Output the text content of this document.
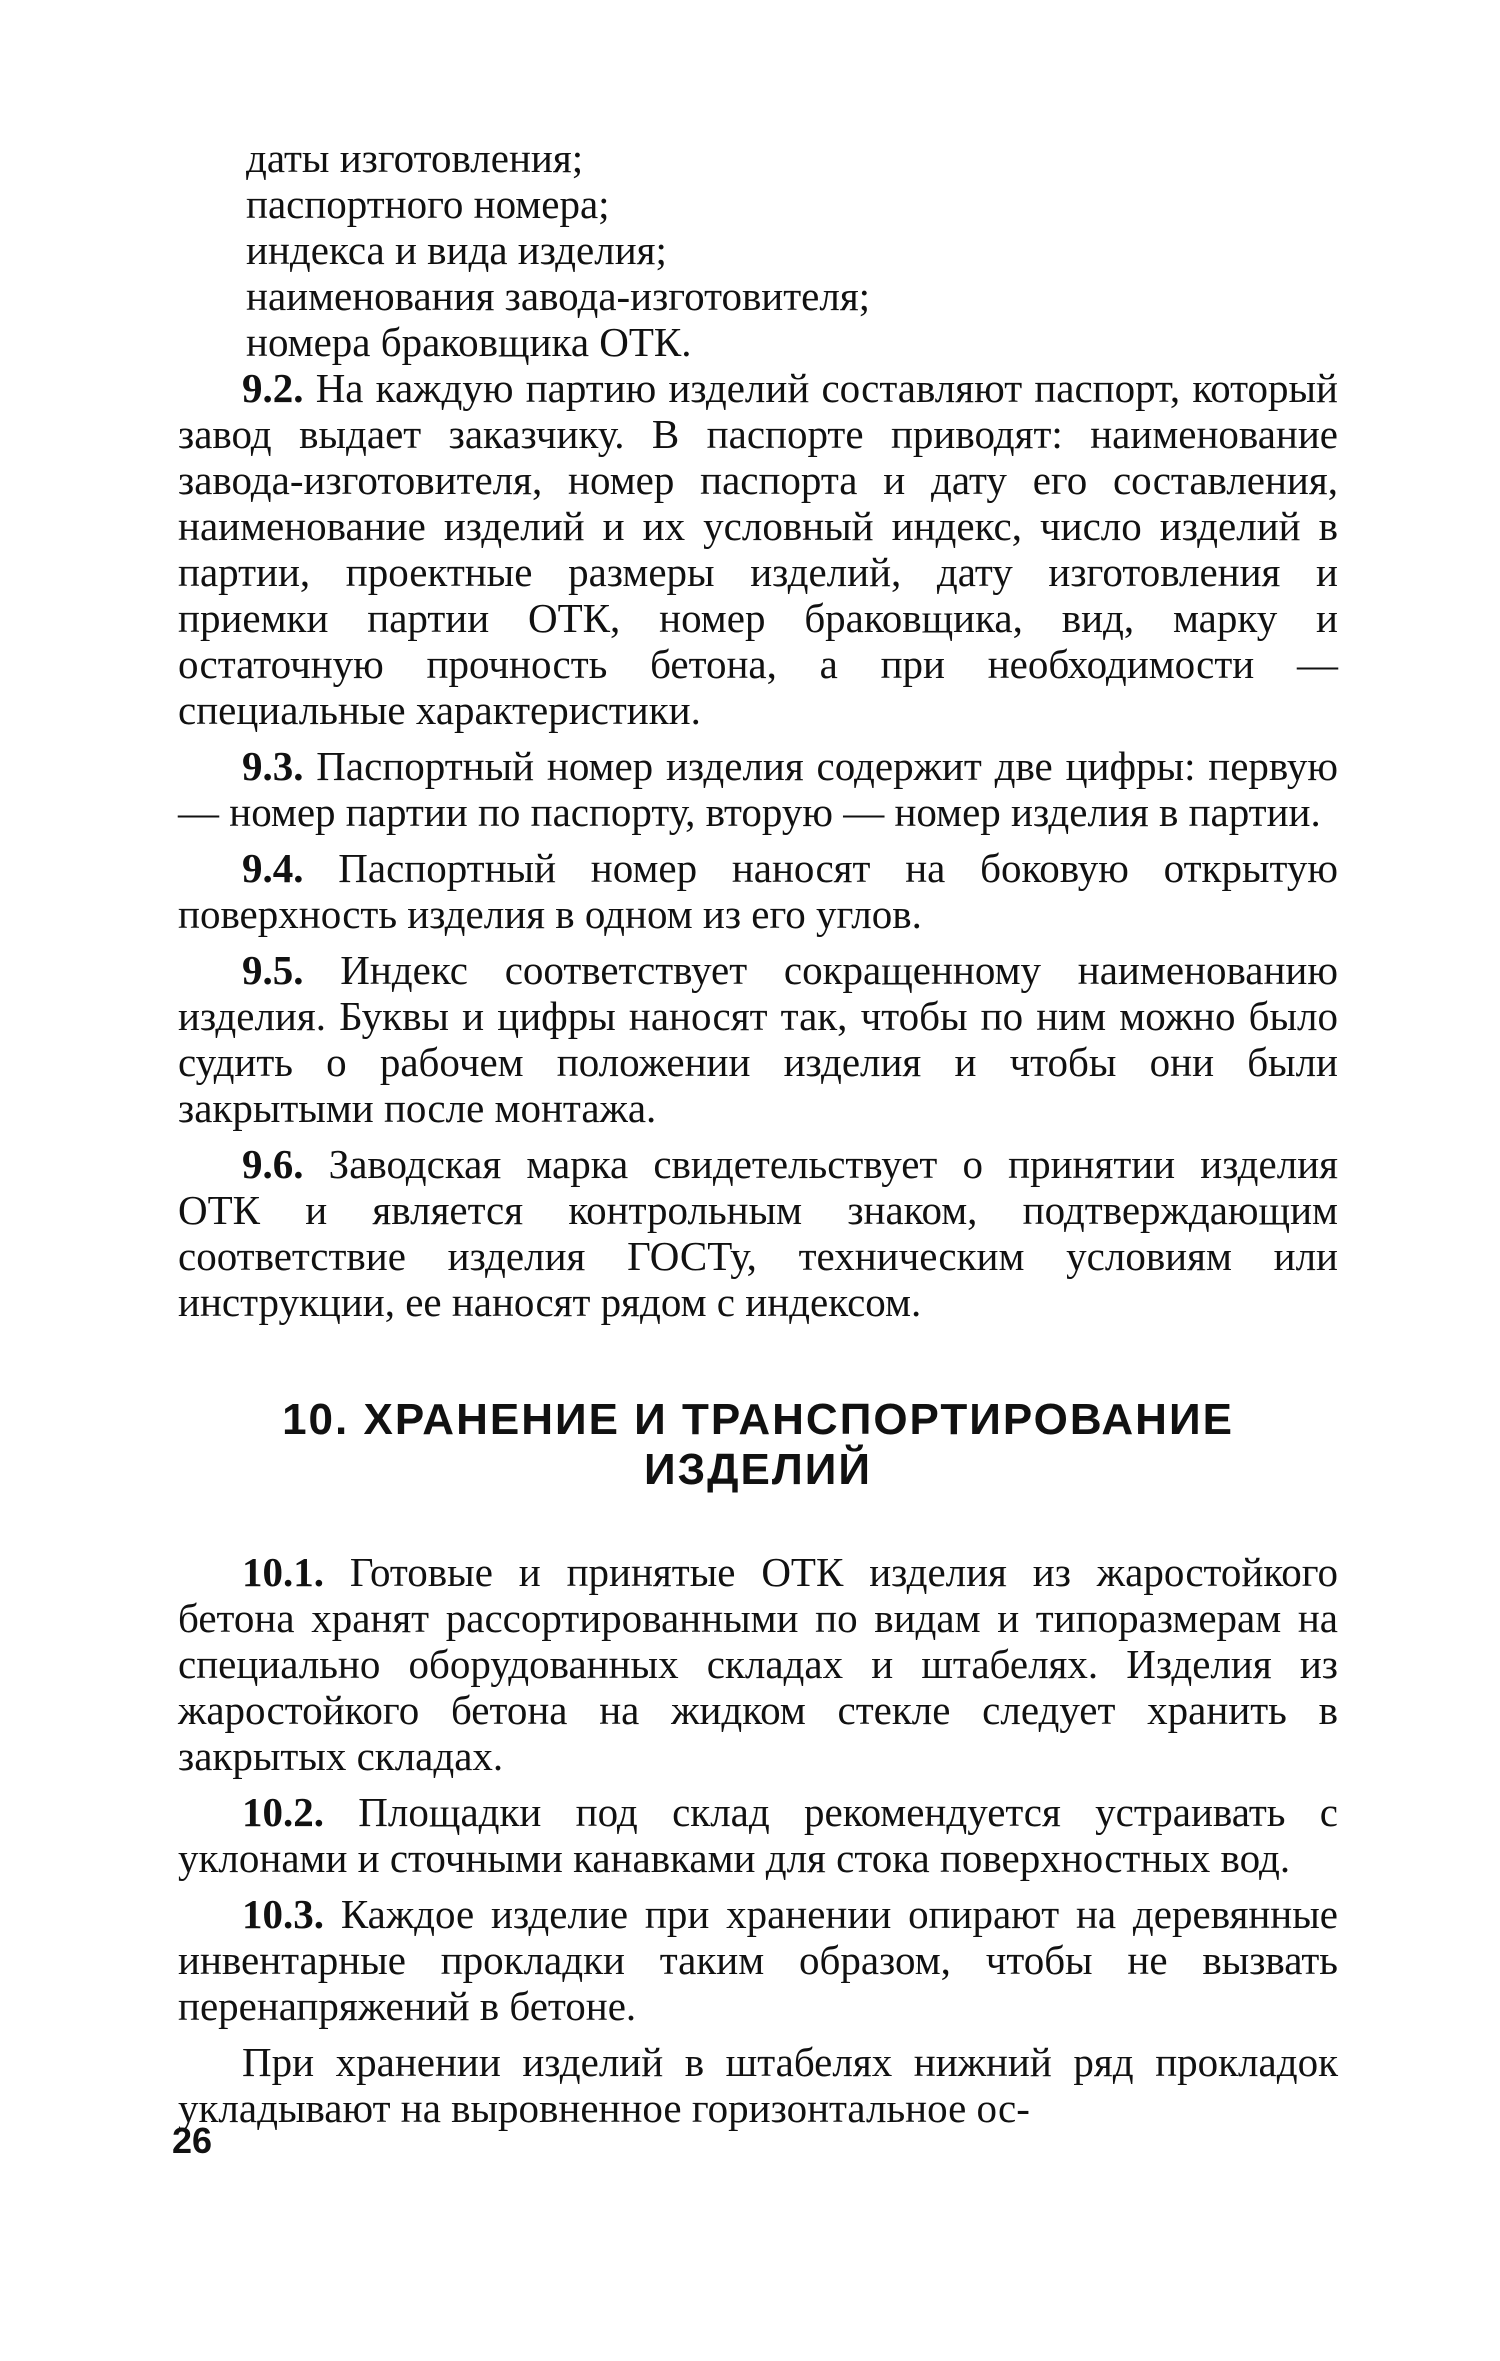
даты изготовления;

паспортного номера;

индекса и вида изделия;

наименования завода-изготовителя;

номера браковщика ОТК.

9.2. На каждую партию изделий составляют паспорт, который завод выдает заказчику. В паспорте приводят: наименование завода-изготовителя, номер паспорта и дату его составления, наименование изделий и их условный индекс, число изделий в партии, проектные размеры изделий, дату изготовления и приемки партии ОТК, номер браковщика, вид, марку и остаточную прочность бетона, а при необходимости — специальные характеристики.

9.3. Паспортный номер изделия содержит две цифры: первую — номер партии по паспорту, вторую — номер изделия в партии.

9.4. Паспортный номер наносят на боковую открытую поверхность изделия в одном из его углов.

9.5. Индекс соответствует сокращенному наименованию изделия. Буквы и цифры наносят так, чтобы по ним можно было судить о рабочем положении изделия и чтобы они были закрытыми после монтажа.

9.6. Заводская марка свидетельствует о принятии изделия ОТК и является контрольным знаком, подтверждающим соответствие изделия ГОСТу, техническим условиям или инструкции, ее наносят рядом с индексом.

10. ХРАНЕНИЕ И ТРАНСПОРТИРОВАНИЕ
ИЗДЕЛИЙ

10.1. Готовые и принятые ОТК изделия из жаростойкого бетона хранят рассортированными по видам и типоразмерам на специально оборудованных складах и штабелях. Изделия из жаростойкого бетона на жидком стекле следует хранить в закрытых складах.

10.2. Площадки под склад рекомендуется устраивать с уклонами и сточными канавками для стока поверхностных вод.

10.3. Каждое изделие при хранении опирают на деревянные инвентарные прокладки таким образом, чтобы не вызвать перенапряжений в бетоне.

При хранении изделий в штабелях нижний ряд прокладок укладывают на выровненное горизонтальное ос-

26
